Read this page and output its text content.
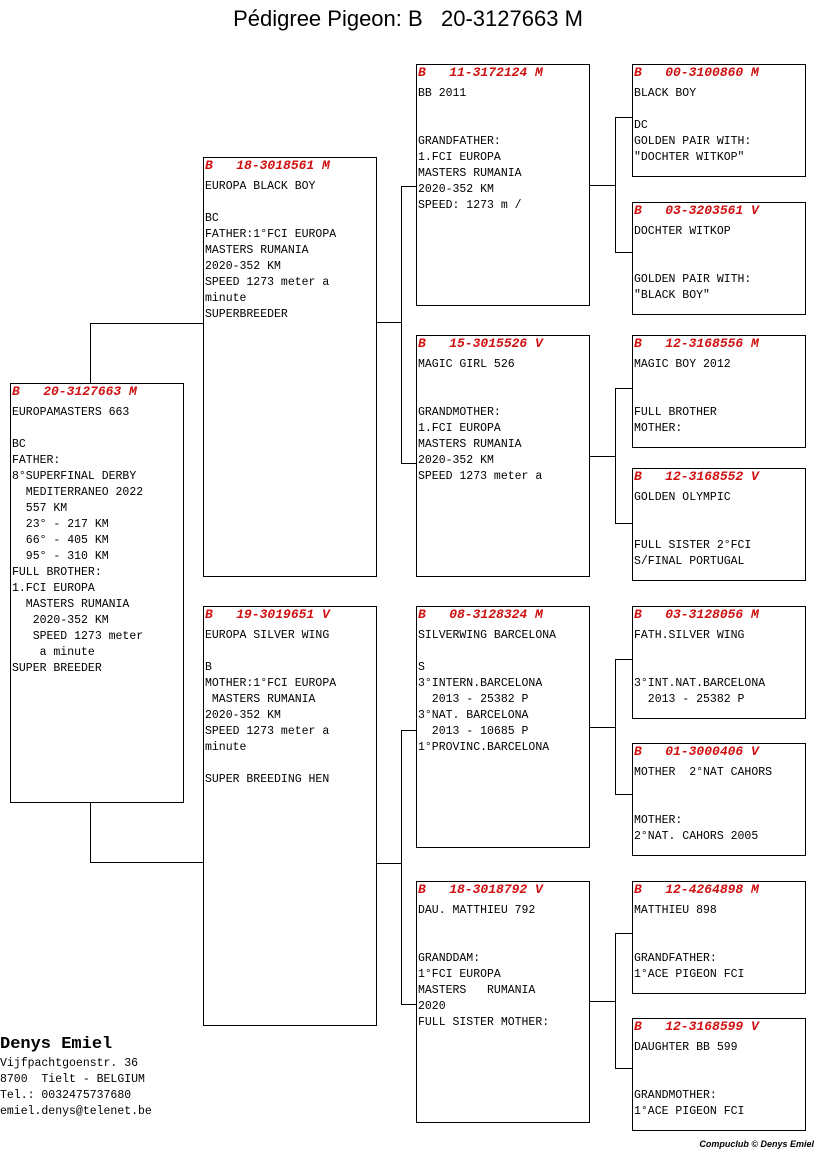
Pédigree Pigeon: B   20-3127663 M
B   20-3127663 M
EUROPAMASTERS 663
BC
FATHER:
8°SUPERFINAL DERBY
MEDITERRANEO 2022
557 KM
23° - 217 KM
66° - 405 KM
95° - 310 KM
FULL BROTHER:
1.FCI EUROPA
MASTERS RUMANIA
2020-352 KM
SPEED 1273 meter
a minute
SUPER BREEDER
B   18-3018561 M
EUROPA BLACK BOY
BC
FATHER:1°FCI EUROPA
MASTERS RUMANIA
2020-352 KM
SPEED 1273 meter a
minute
SUPERBREEDER
B   19-3019651 V
EUROPA SILVER WING
B
MOTHER:1°FCI EUROPA
MASTERS RUMANIA
2020-352 KM
SPEED 1273 meter a
minute
SUPER BREEDING HEN
B   11-3172124 M
BB 2011
GRANDFATHER:
1.FCI EUROPA
MASTERS RUMANIA
2020-352 KM
SPEED: 1273 m /
B   15-3015526 V
MAGIC GIRL 526
GRANDMOTHER:
1.FCI EUROPA
MASTERS RUMANIA
2020-352 KM
SPEED 1273 meter a
B   08-3128324 M
SILVERWING BARCELONA
S
3°INTERN.BARCELONA
2013 - 25382 P
3°NAT. BARCELONA
2013 - 10685 P
1°PROVINC.BARCELONA
B   18-3018792 V
DAU. MATTHIEU 792
GRANDDAM:
1°FCI EUROPA
MASTERS   RUMANIA
2020
FULL SISTER MOTHER:
B   00-3100860 M
BLACK BOY
DC
GOLDEN PAIR WITH:
"DOCHTER WITKOP"
B   03-3203561 V
DOCHTER WITKOP
GOLDEN PAIR WITH:
"BLACK BOY"
B   12-3168556 M
MAGIC BOY 2012
FULL BROTHER
MOTHER:
B   12-3168552 V
GOLDEN OLYMPIC
FULL SISTER 2°FCI
S/FINAL PORTUGAL
B   03-3128056 M
FATH.SILVER WING
3°INT.NAT.BARCELONA
2013 - 25382 P
B   01-3000406 V
MOTHER  2°NAT CAHORS
MOTHER:
2°NAT. CAHORS 2005
B   12-4264898 M
MATTHIEU 898
GRANDFATHER:
1°ACE PIGEON FCI
B   12-3168599 V
DAUGHTER BB 599
GRANDMOTHER:
1°ACE PIGEON FCI
Denys Emiel
Vijfpachtgoenstr. 36
8700  Tielt - BELGIUM
Tel.: 0032475737680
emiel.denys@telenet.be
Compuclub © Denys Emiel
